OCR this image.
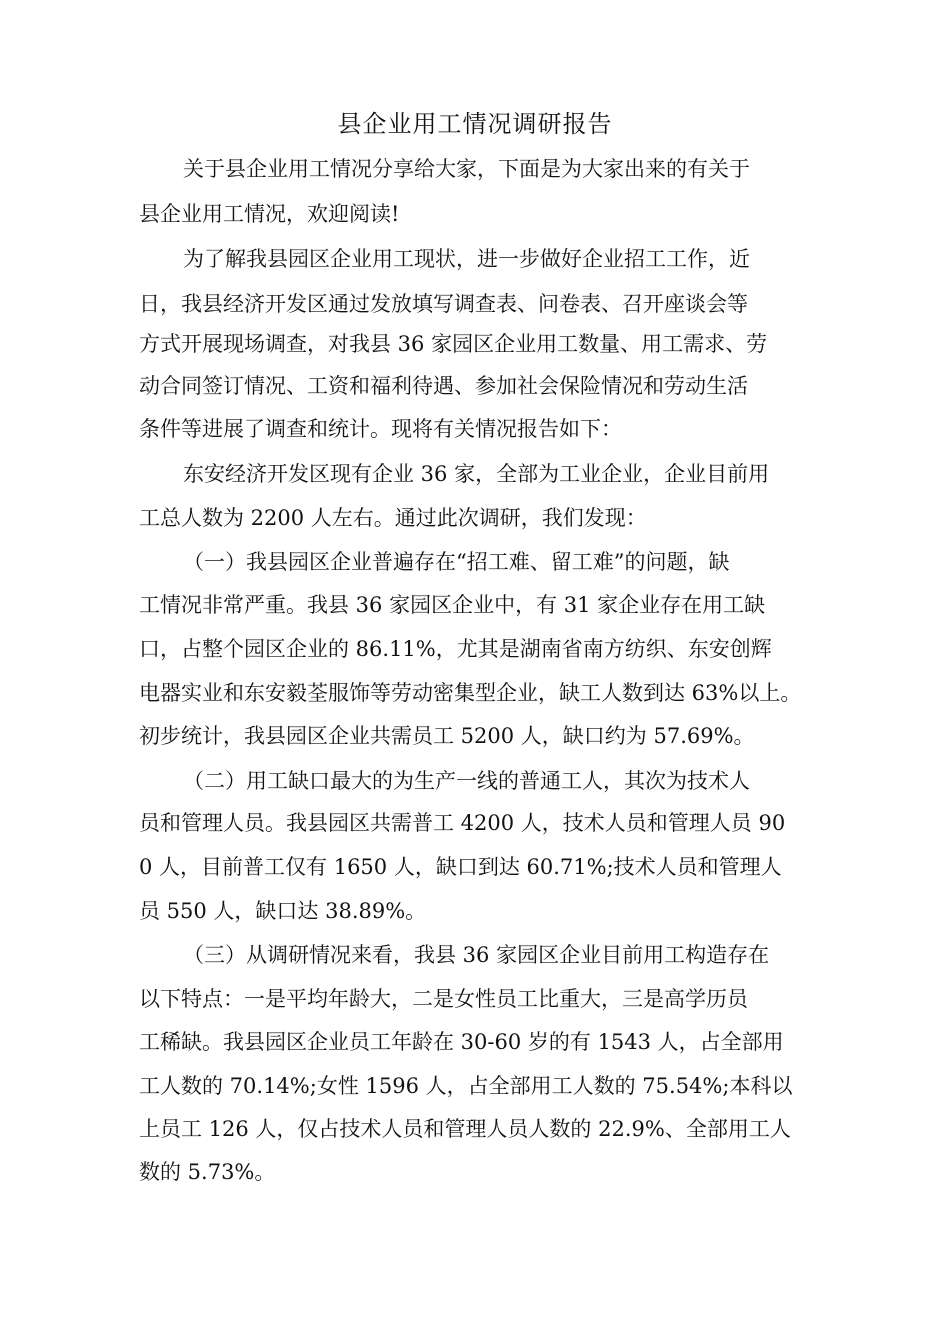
县企业用工情况调研报告
关于县企业用工情况分享给大家，下面是为大家出来的有关于
县企业用工情况，欢迎阅读!
为了解我县园区企业用工现状，进一步做好企业招工工作，近
日，我县经济开发区通过发放填写调查表、问卷表、召开座谈会等
方式开展现场调查，对我县 36 家园区企业用工数量、用工需求、劳
动合同签订情况、工资和福利待遇、参加社会保险情况和劳动生活
条件等进展了调查和统计。现将有关情况报告如下：
东安经济开发区现有企业 36 家，全部为工业企业，企业目前用
工总人数为 2200 人左右。通过此次调研，我们发现：
（一）我县园区企业普遍存在“招工难、留工难”的问题，缺
工情况非常严重。我县 36 家园区企业中，有 31 家企业存在用工缺
口，占整个园区企业的 86.11%，尤其是湖南省南方纺织、东安创辉
电器实业和东安毅荃服饰等劳动密集型企业，缺工人数到达 63%以上。
初步统计，我县园区企业共需员工 5200 人，缺口约为 57.69%。
（二）用工缺口最大的为生产一线的普通工人，其次为技术人
员和管理人员。我县园区共需普工 4200 人，技术人员和管理人员 90
0 人，目前普工仅有 1650 人，缺口到达 60.71%;技术人员和管理人
员 550 人，缺口达 38.89%。
（三）从调研情况来看，我县 36 家园区企业目前用工构造存在
以下特点：一是平均年龄大，二是女性员工比重大，三是高学历员
工稀缺。我县园区企业员工年龄在 30-60 岁的有 1543 人，占全部用
工人数的 70.14%;女性 1596 人，占全部用工人数的 75.54%;本科以
上员工 126 人，仅占技术人员和管理人员人数的 22.9%、全部用工人
数的 5.73%。
